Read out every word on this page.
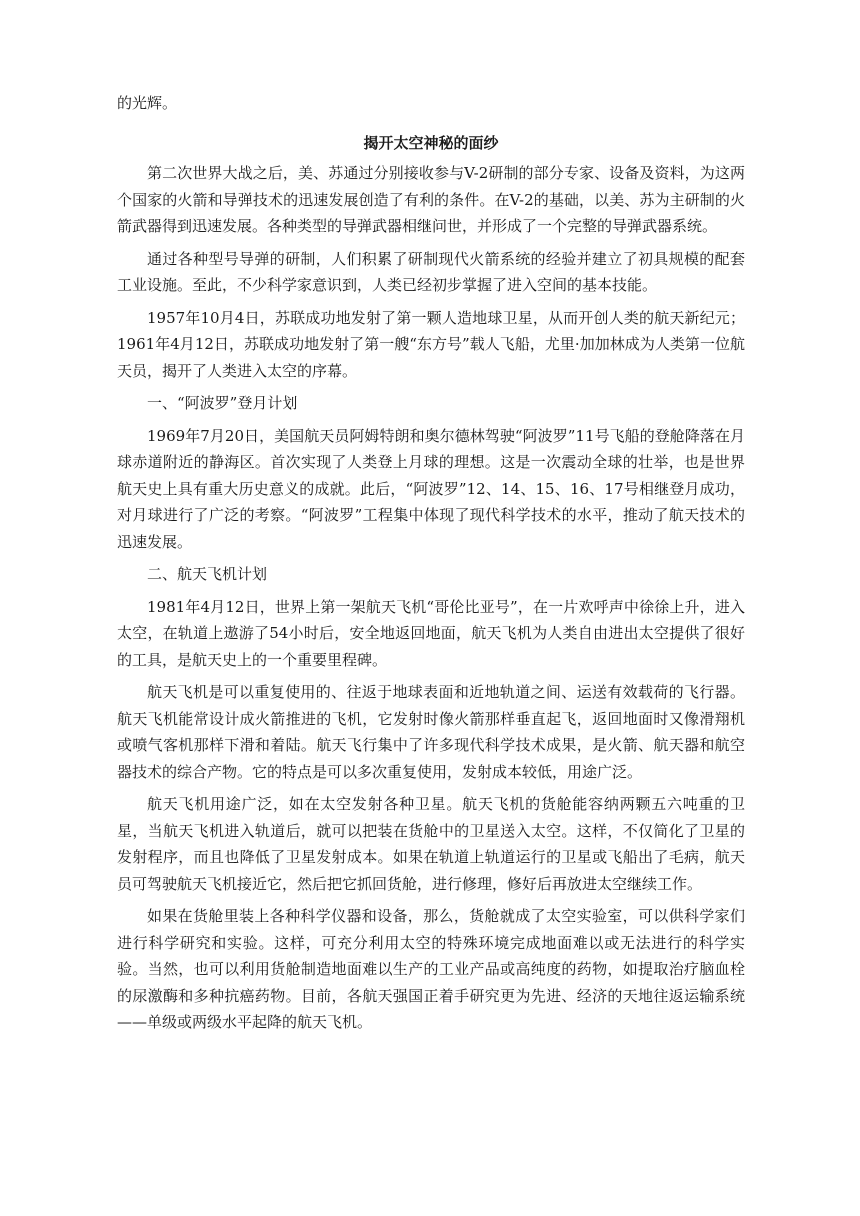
的光辉。

揭开太空神秘的面纱

第二次世界大战之后，美、苏通过分别接收参与V-2研制的部分专家、设备及资料，为这两个国家的火箭和导弹技术的迅速发展创造了有利的条件。在V-2的基础，以美、苏为主研制的火箭武器得到迅速发展。各种类型的导弹武器相继问世，并形成了一个完整的导弹武器系统。

通过各种型号导弹的研制，人们积累了研制现代火箭系统的经验并建立了初具规模的配套工业设施。至此，不少科学家意识到，人类已经初步掌握了进入空间的基本技能。

1957年10月4日，苏联成功地发射了第一颗人造地球卫星，从而开创人类的航天新纪元；1961年4月12日，苏联成功地发射了第一艘“东方号”载人飞船，尤里·加加林成为人类第一位航天员，揭开了人类进入太空的序幕。

一、“阿波罗”登月计划

1969年7月20日，美国航天员阿姆特朗和奥尔德林驾驶“阿波罗”11号飞船的登舱降落在月球赤道附近的静海区。首次实现了人类登上月球的理想。这是一次震动全球的壮举，也是世界航天史上具有重大历史意义的成就。此后，“阿波罗”12、14、15、16、17号相继登月成功，对月球进行了广泛的考察。“阿波罗”工程集中体现了现代科学技术的水平，推动了航天技术的迅速发展。

二、航天飞机计划

1981年4月12日，世界上第一架航天飞机“哥伦比亚号”，在一片欢呼声中徐徐上升，进入太空，在轨道上遨游了54小时后，安全地返回地面，航天飞机为人类自由进出太空提供了很好的工具，是航天史上的一个重要里程碑。

航天飞机是可以重复使用的、往返于地球表面和近地轨道之间、运送有效载荷的飞行器。航天飞机能常设计成火箭推进的飞机，它发射时像火箭那样垂直起飞，返回地面时又像滑翔机或喷气客机那样下滑和着陆。航天飞行集中了许多现代科学技术成果，是火箭、航天器和航空器技术的综合产物。它的特点是可以多次重复使用，发射成本较低，用途广泛。

航天飞机用途广泛，如在太空发射各种卫星。航天飞机的货舱能容纳两颗五六吨重的卫星，当航天飞机进入轨道后，就可以把装在货舱中的卫星送入太空。这样，不仅简化了卫星的发射程序，而且也降低了卫星发射成本。如果在轨道上轨道运行的卫星或飞船出了毛病，航天员可驾驶航天飞机接近它，然后把它抓回货舱，进行修理，修好后再放进太空继续工作。

如果在货舱里装上各种科学仪器和设备，那么，货舱就成了太空实验室，可以供科学家们进行科学研究和实验。这样，可充分利用太空的特殊环境完成地面难以或无法进行的科学实验。当然，也可以利用货舱制造地面难以生产的工业产品或高纯度的药物，如提取治疗脑血栓的尿激酶和多种抗癌药物。目前，各航天强国正着手研究更为先进、经济的天地往返运输系统——单级或两级水平起降的航天飞机。
